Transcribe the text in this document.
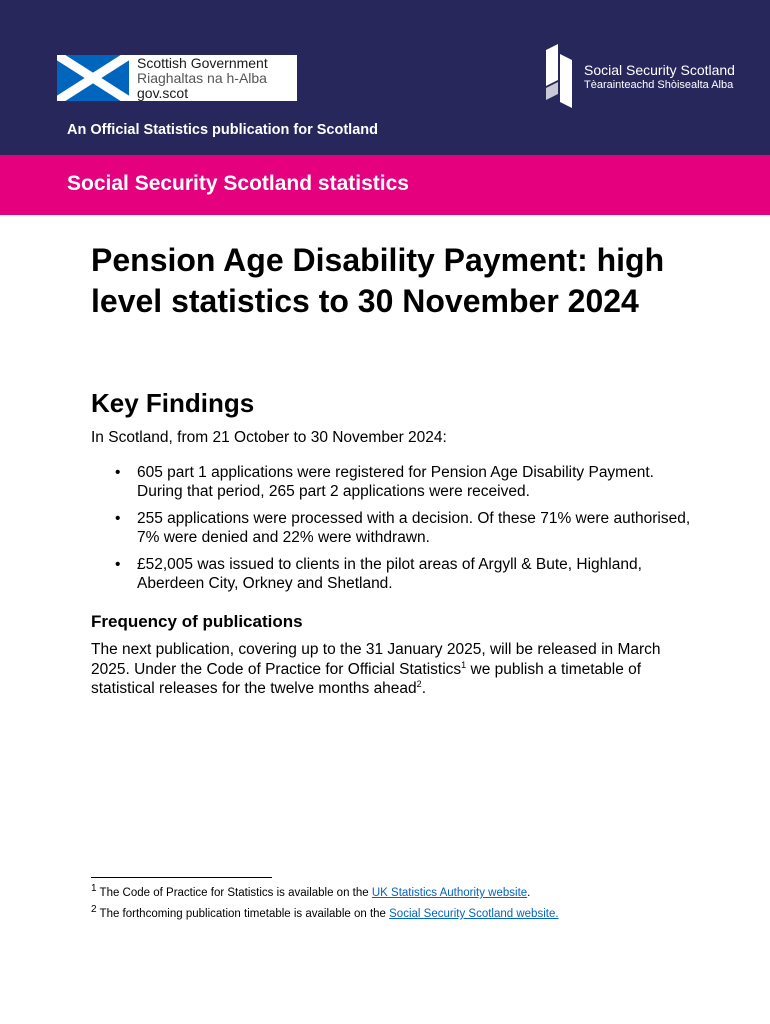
Scottish Government
Riaghaltas na h-Alba
gov.scot
Social Security Scotland
Tèarainteachd Shòisealta Alba
An Official Statistics publication for Scotland
Social Security Scotland statistics
Pension Age Disability Payment: high level statistics to 30 November 2024
Key Findings

In Scotland, from 21 October to 30 November 2024:

• 605 part 1 applications were registered for Pension Age Disability Payment. During that period, 265 part 2 applications were received.
• 255 applications were processed with a decision. Of these 71% were authorised, 7% were denied and 22% were withdrawn.
• £52,005 was issued to clients in the pilot areas of Argyll & Bute, Highland, Aberdeen City, Orkney and Shetland.
Frequency of publications

The next publication, covering up to the 31 January 2025, will be released in March 2025. Under the Code of Practice for Official Statistics$^1$ we publish a timetable of statistical releases for the twelve months ahead$^2$.

$^1$ The Code of Practice for Statistics is available on the UK Statistics Authority website.
$^2$ The forthcoming publication timetable is available on the Social Security Scotland website.
